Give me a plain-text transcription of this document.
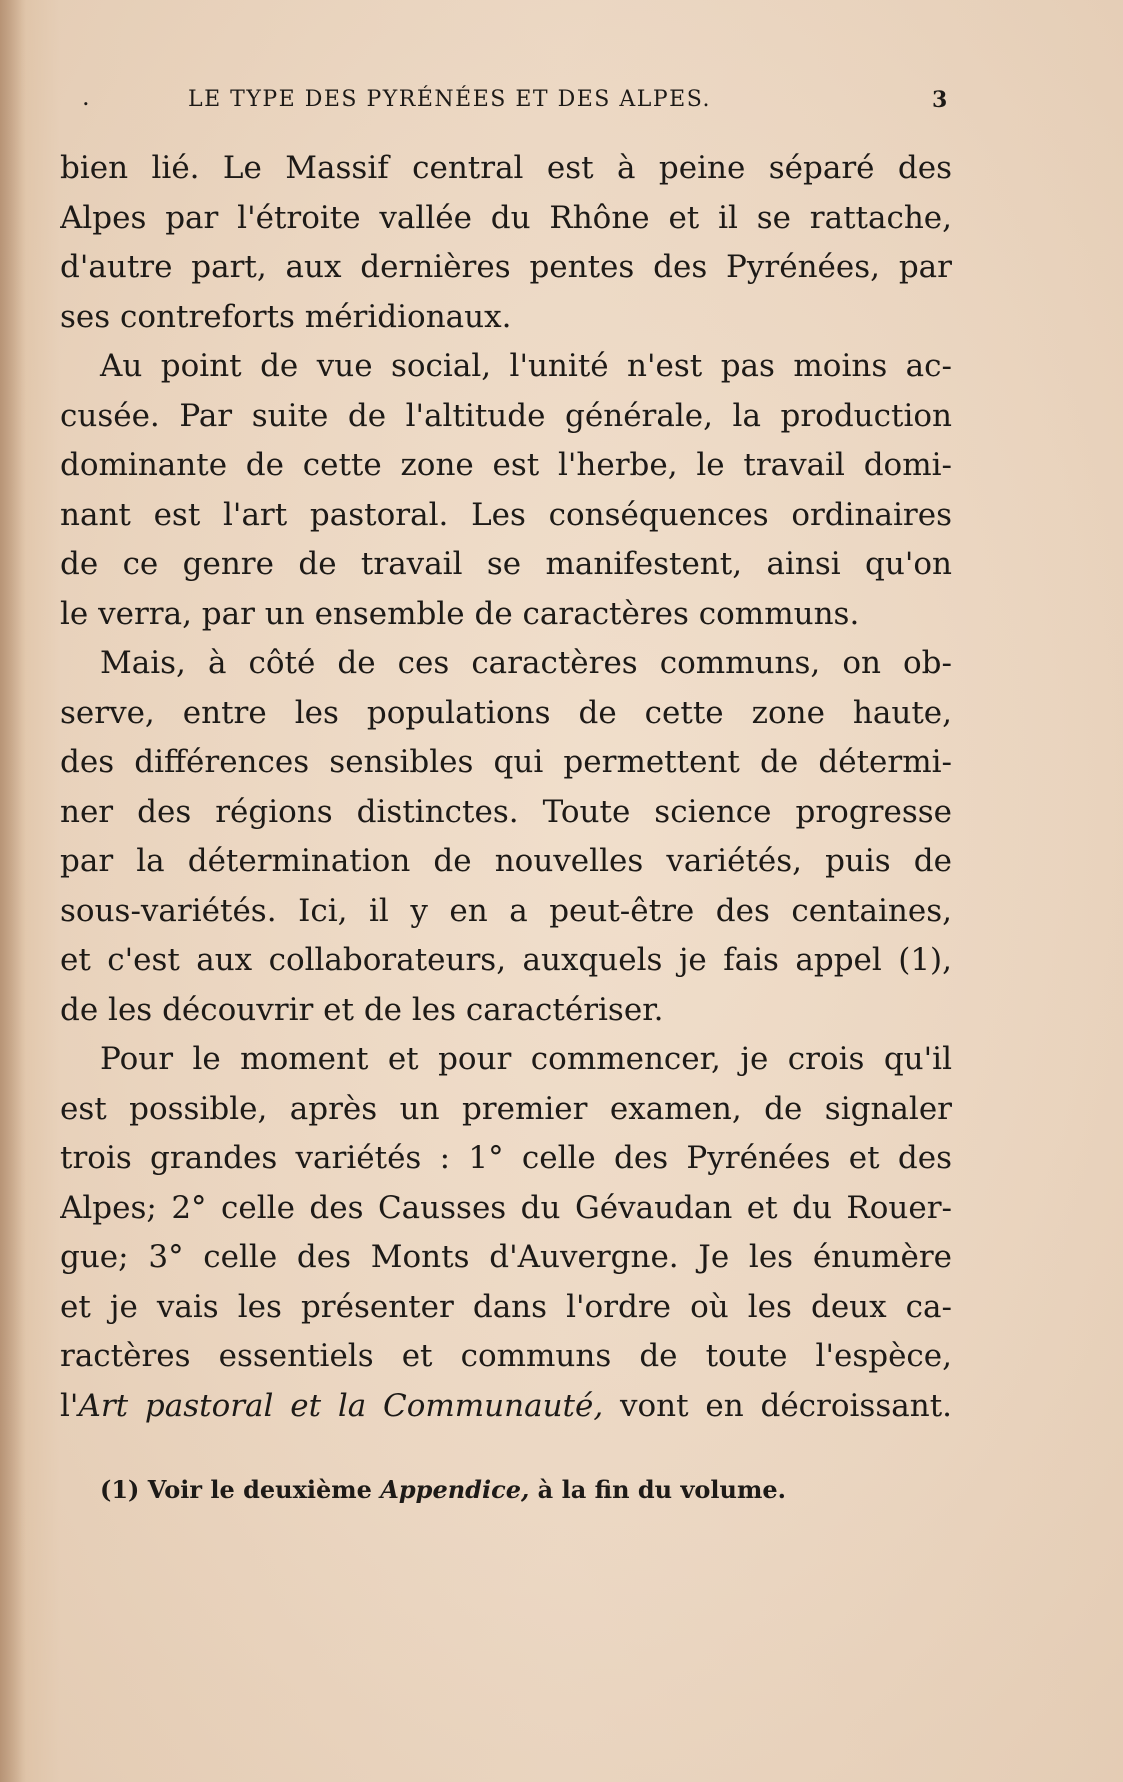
.	LE TYPE DES PYRÉNÉES ET DES ALPES.	3
bien lié. Le Massif central est à peine séparé des
Alpes par l'étroite vallée du Rhône et il se rattache,
d'autre part, aux dernières pentes des Pyrénées, par
ses contreforts méridionaux.
Au point de vue social, l'unité n'est pas moins ac-
cusée. Par suite de l'altitude générale, la production
dominante de cette zone est l'herbe, le travail domi-
nant est l'art pastoral. Les conséquences ordinaires
de ce genre de travail se manifestent, ainsi qu'on
le verra, par un ensemble de caractères communs.
Mais, à côté de ces caractères communs, on ob-
serve, entre les populations de cette zone haute,
des différences sensibles qui permettent de détermi-
ner des régions distinctes. Toute science progresse
par la détermination de nouvelles variétés, puis de
sous-variétés. Ici, il y en a peut-être des centaines,
et c'est aux collaborateurs, auxquels je fais appel (1),
de les découvrir et de les caractériser.
Pour le moment et pour commencer, je crois qu'il
est possible, après un premier examen, de signaler
trois grandes variétés : 1° celle des Pyrénées et des
Alpes; 2° celle des Causses du Gévaudan et du Rouer-
gue; 3° celle des Monts d'Auvergne. Je les énumère
et je vais les présenter dans l'ordre où les deux ca-
ractères essentiels et communs de toute l'espèce,
l'Art pastoral et la Communauté, vont en décroissant.
(1) Voir le deuxième Appendice, à la fin du volume.
